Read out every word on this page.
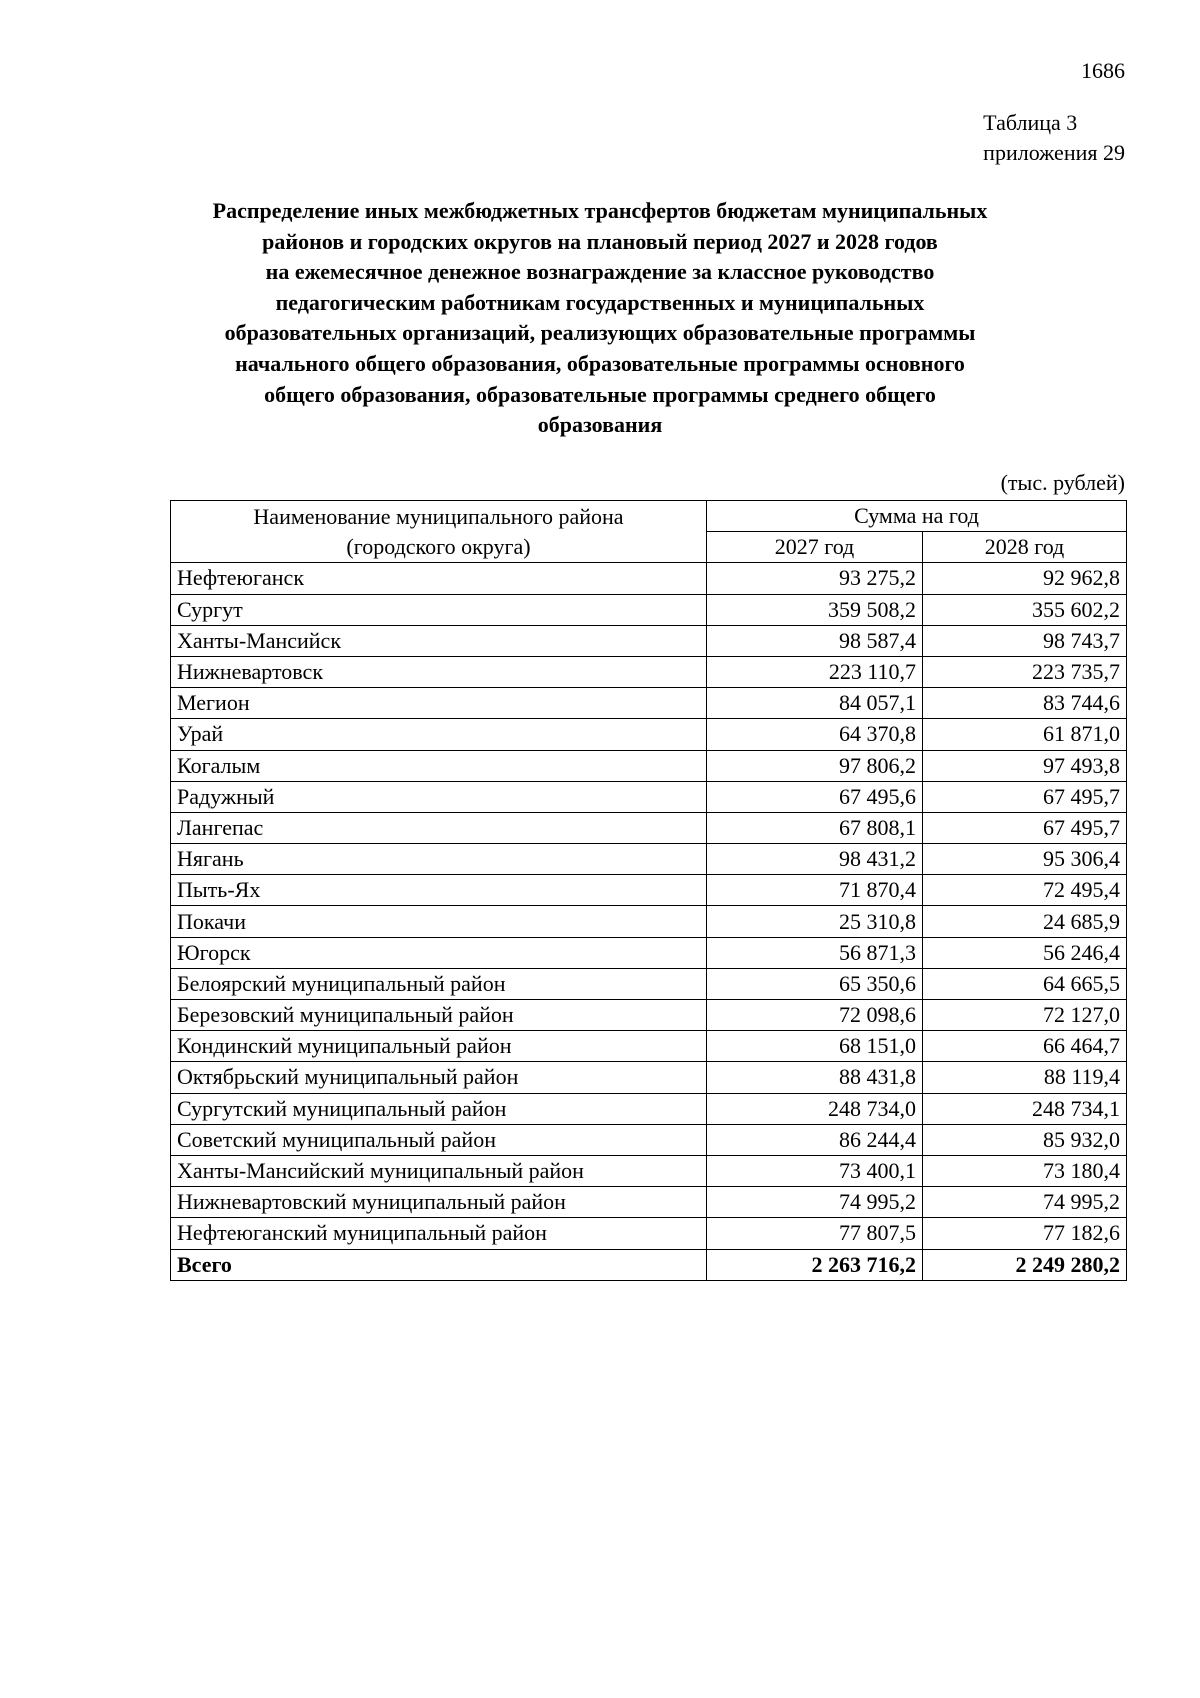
1686
Таблица 3
приложения 29
Распределение иных межбюджетных трансфертов бюджетам муниципальных
районов и городских округов на плановый период 2027 и 2028 годов
на ежемесячное денежное вознаграждение за классное руководство
педагогическим работникам государственных и муниципальных
образовательных организаций, реализующих образовательные программы
начального общего образования, образовательные программы основного
общего образования, образовательные программы среднего общего
образования
(тыс. рублей)
Наименование муниципального района
(городского округа)	Сумма на год	
	2027 год	2028 год
Нефтеюганск	93 275,2	92 962,8
Сургут	359 508,2	355 602,2
Ханты-Мансийск	98 587,4	98 743,7
Нижневартовск	223 110,7	223 735,7
Мегион	84 057,1	83 744,6
Урай	64 370,8	61 871,0
Когалым	97 806,2	97 493,8
Радужный	67 495,6	67 495,7
Лангепас	67 808,1	67 495,7
Нягань	98 431,2	95 306,4
Пыть-Ях	71 870,4	72 495,4
Покачи	25 310,8	24 685,9
Югорск	56 871,3	56 246,4
Белоярский муниципальный район	65 350,6	64 665,5
Березовский муниципальный район	72 098,6	72 127,0
Кондинский муниципальный район	68 151,0	66 464,7
Октябрьский муниципальный район	88 431,8	88 119,4
Сургутский муниципальный район	248 734,0	248 734,1
Советский муниципальный район	86 244,4	85 932,0
Ханты-Мансийский муниципальный район	73 400,1	73 180,4
Нижневартовский муниципальный район	74 995,2	74 995,2
Нефтеюганский муниципальный район	77 807,5	77 182,6
Всего	2 263 716,2	2 249 280,2
